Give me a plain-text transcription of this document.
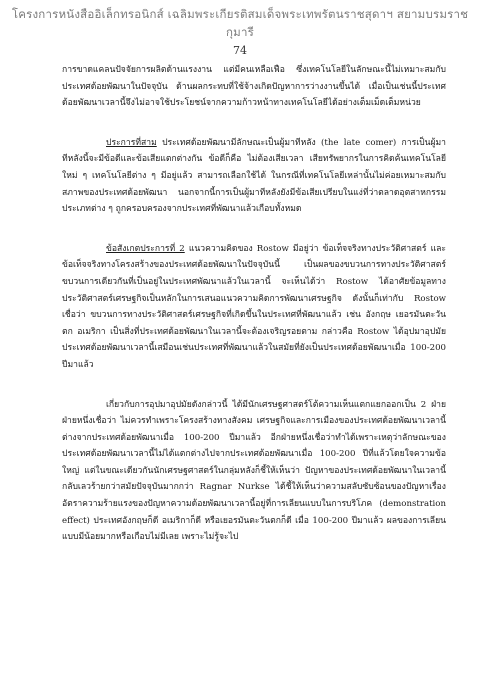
โครงการหนังสืออิเล็กทรอนิกส์ เฉลิมพระเกียรติสมเด็จพระเทพรัตนราชสุดาฯ สยามบรมราชกุมารี
74

การขาดแคลนปัจจัยการผลิตด้านแรงงาน แต่มีคนเหลือเฟือ ซึ่งเทคโนโลยีในลักษณะนี้ไม่เหมาะสมกับประเทศด้อยพัฒนาในปัจจุบัน ด้านผลกระทบที่ใช้จ้างเกิดปัญหาการว่างงานขึ้นได้ เมื่อเป็นเช่นนี้ประเทศด้อยพัฒนาเวลานี้จึงไม่อาจใช้ประโยชน์จากความก้าวหน้าทางเทคโนโลยีได้อย่างเต็มเม็ดเต็มหน่วย

ประการที่สาม ประเทศด้อยพัฒนามีลักษณะเป็นผู้มาทีหลัง (the late comer) การเป็นผู้มาทีหลังนี้จะมีข้อดีและข้อเสียแตกต่างกัน ข้อดีก็คือ ไม่ต้องเสียเวลา เสียทรัพยากรในการคิดค้นเทคโนโลยีใหม่ ๆ เทคโนโลยีต่าง ๆ มีอยู่แล้ว สามารถเลือกใช้ได้ ในกรณีที่เทคโนโลยีเหล่านั้นไม่ค่อยเหมาะสมกับสภาพของประเทศด้อยพัฒนา นอกจากนี้การเป็นผู้มาทีหลังยังมีข้อเสียเปรียบในแง่ที่ว่าตลาดอุตสาหกรรมประเภทต่าง ๆ ถูกครอบครองจากประเทศที่พัฒนาแล้วเกือบทั้งหมด

ข้อสังเกตประการที่ 2 แนวความคิดของ Rostow มีอยู่ว่า ข้อเท็จจริงทางประวัติศาสตร์ และข้อเท็จจริงทางโครงสร้างของประเทศด้อยพัฒนาในปัจจุบันนี้ เป็นผลของขบวนการทางประวัติศาสตร์ ขบวนการเดียวกันที่เป็นอยู่ในประเทศพัฒนาแล้วในเวลานี้ จะเห็นได้ว่า Rostow ได้อาศัยข้อมูลทางประวัติศาสตร์เศรษฐกิจเป็นหลักในการเสนอแนวความคิดการพัฒนาเศรษฐกิจ ดังนั้นก็เท่ากับ Rostow เชื่อว่า ขบวนการทางประวัติศาสตร์เศรษฐกิจที่เกิดขึ้นในประเทศที่พัฒนาแล้ว เช่น อังกฤษ เยอรมันตะวันตก อเมริกา เป็นสิ่งที่ประเทศด้อยพัฒนาในเวลานี้จะต้องเจริญรอยตาม กล่าวคือ Rostow ได้อุปมาอุปมัยประเทศด้อยพัฒนาเวลานี้เสมือนเช่นประเทศที่พัฒนาแล้วในสมัยที่ยังเป็นประเทศด้อยพัฒนาเมื่อ 100-200 ปีมาแล้ว

เกี่ยวกับการอุปมาอุปมัยดังกล่าวนี้ ได้มีนักเศรษฐศาสตร์โต้ความเห็นแตกแยกออกเป็น 2 ฝ่าย ฝ่ายหนึ่งเชื่อว่า ไม่ควรทำเพราะโครงสร้างทางสังคม เศรษฐกิจและการเมืองของประเทศด้อยพัฒนาเวลานี้ต่างจากประเทศด้อยพัฒนาเมื่อ 100-200 ปีมาแล้ว อีกฝ่ายหนึ่งเชื่อว่าทำได้เพราะเหตุว่าลักษณะของประเทศด้อยพัฒนาเวลานี้ไม่ได้แตกต่างไปจากประเทศด้อยพัฒนาเมื่อ 100-200 ปีที่แล้วโดยใจความข้อใหญ่ แต่ในขณะเดียวกันนักเศรษฐศาสตร์ในกลุ่มหลังก็ชี้ให้เห็นว่า ปัญหาของประเทศด้อยพัฒนาในเวลานี้กลับเลวร้ายกว่าสมัยปัจจุบันมากกว่า Ragnar Nurkse ได้ชี้ให้เห็นว่าความสลับซับซ้อนของปัญหาเรื่องอัตราความร้ายแรงของปัญหาความด้อยพัฒนาเวลานี้อยู่ที่การเลียนแบบในการบริโภค (demonstration effect) ประเทศอังกฤษก็ดี อเมริกาก็ดี หรือเยอรมันตะวันตกก็ดี เมื่อ 100-200 ปีมาแล้ว ผลของการเลียนแบบมีน้อยมากหรือเกือบไม่มีเลย เพราะไม่รู้จะไป
